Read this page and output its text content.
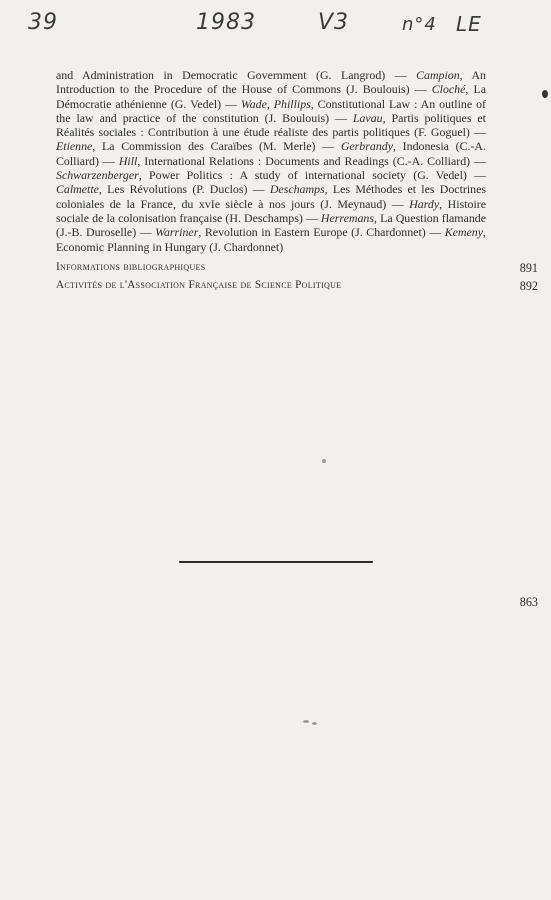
39	1983	V3	n°4 LE

and Administration in Democratic Government (G. Langrod) — Campion, An Introduction to the Procedure of the House of Commons (J. Boulouis) — Cloché, La Démocratie athénienne (G. Vedel) — Wade, Phillips, Constitutional Law : An outline of the law and practice of the constitution (J. Boulouis) — Lavau, Partis politiques et Réalités sociales : Contribution à une étude réaliste des partis politiques (F. Goguel) — Etienne, La Commission des Caraïbes (M. Merle) — Gerbrandy, Indonesia (C.-A. Colliard) — Hill, International Relations : Documents and Readings (C.-A. Colliard) — Schwarzenberger, Power Politics : A study of international society (G. Vedel) — Calmette, Les Révolutions (P. Duclos) — Deschamps, Les Méthodes et les Doctrines coloniales de la France, du xvIe siècle à nos jours (J. Meynaud) — Hardy, Histoire sociale de la colonisation française (H. Deschamps) — Herremans, La Question flamande (J.-B. Duroselle) — Warriner, Revolution in Eastern Europe (J. Chardonnet) — Kemeny, Economic Planning in Hungary (J. Chardonnet)

863
Informations bibliographiques	891
Activités de l'Association Française de Science Politique	892
